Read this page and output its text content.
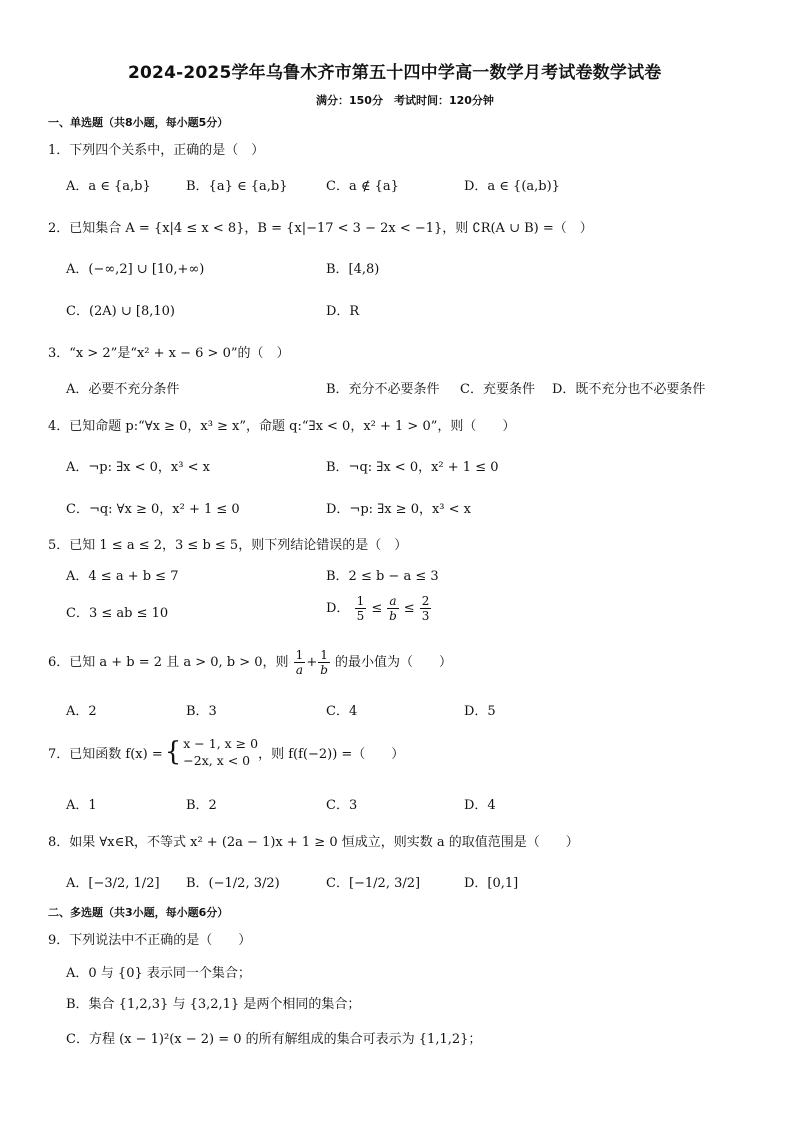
2024-2025学年乌鲁木齐市第五十四中学高一数学月考试卷数学试卷
满分：150分　考试时间：120分钟
一、单选题（共8小题，每小题5分）
1．下列四个关系中，正确的是（　）
A．a ∈ {a,b}	B．{a} ∈ {a,b}	C．a ∉ {a}	D．a ∈ {(a,b)}
2．已知集合 A = {x|4 ≤ x < 8}，B = {x|−17 < 3 − 2x < −1}，则 ∁R(A ∪ B) =（　）
A．(−∞,2] ∪ [10,+∞)	B．[4,8)
C．(2A) ∪ [8,10)	D．R
3．“x > 2”是“x² + x − 6 > 0”的（　）
A．必要不充分条件	B．充分不必要条件 C．充要条件 D．既不充分也不必要条件
4．已知命题 p:“∀x ≥ 0，x³ ≥ x”，命题 q:“∃x < 0，x² + 1 > 0”，则（　　）
A．¬p: ∃x < 0，x³ < x	B．¬q: ∃x < 0，x² + 1 ≤ 0
C．¬q: ∀x ≥ 0，x² + 1 ≤ 0	D．¬p: ∃x ≥ 0，x³ < x
5．已知 1 ≤ a ≤ 2，3 ≤ b ≤ 5，则下列结论错误的是（　）
A．4 ≤ a + b ≤ 7	B．2 ≤ b − a ≤ 3
C．3 ≤ ab ≤ 10	D． $\frac{1}{5} \le \frac{a}{b} \le \frac{2}{3}$
6．已知 a + b = 2 且 a > 0, b > 0，则 $\frac{1}{a} + \frac{1}{b}$ 的最小值为（　　）
A．2	B．3	C．4	D．5
7．已知函数 f(x) = { x − 1, x ≥ 0
−2x, x < 0 ，则 f(f(−2)) =（　　）
A．1	B．2	C．3	D．4
8．如果 ∀x∈R，不等式 x² + (2a − 1)x + 1 ≥ 0 恒成立，则实数 a 的取值范围是（　　）
A．[−3/2, 1/2] B．(−1/2, 3/2)	C．[−1/2, 3/2]	D．[0,1]
二、多选题（共3小题，每小题6分）
9．下列说法中不正确的是（　　）
A．0 与 {0} 表示同一个集合；
B．集合 {1,2,3} 与 {3,2,1} 是两个相同的集合；
C．方程 (x − 1)²(x − 2) = 0 的所有解组成的集合可表示为 {1,1,2}；
